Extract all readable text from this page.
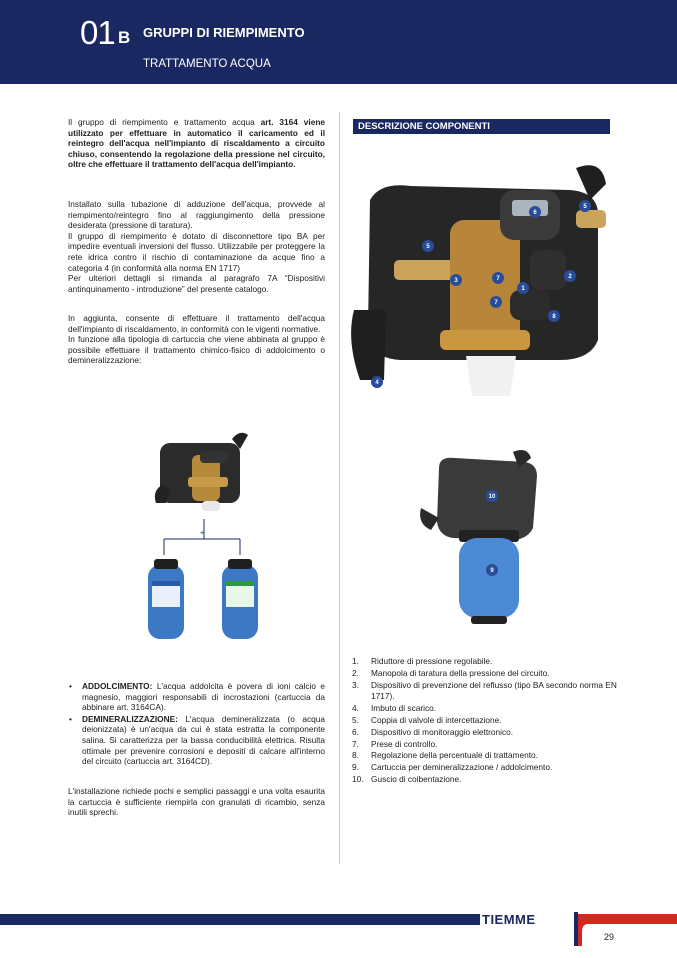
01 B GRUPPI DI RIEMPIMENTO
TRATTAMENTO ACQUA
Il gruppo di riempimento e trattamento acqua art. 3164 viene utilizzato per effettuare in automatico il caricamento ed il reintegro dell'acqua nell'impianto di riscaldamento a circuito chiuso, consentendo la regolazione della pressione nel circuito, oltre che effettuare il trattamento dell'acqua dell'impianto.
Installato sulla tubazione di adduzione dell'acqua, provvede al riempimento/reintegro fino al raggiungimento della pressione desiderata (pressione di taratura).
Il gruppo di riempimento è dotato di disconnettore tipo BA per impedire eventuali inversioni del flusso. Utilizzabile per proteggere la rete idrica contro il rischio di contaminazione da acque fino a categoria 4 (in conformità alla norma EN 1717)
Per ulteriori dettagli si rimanda al paragrafo 7A “Dispositivi antinquinamento - introduzione” del presente catalogo.
In aggiunta, consente di effettuare il trattamento dell'acqua dell'impianto di riscaldamento, in conformità con le vigenti normative.
In funzione alla tipologia di cartuccia che viene abbinata al gruppo è possibile effettuare il trattamento chimico-fisico di addolcimento o demineralizzazione:
+
• ADDOLCIMENTO: L'acqua addolcita è povera di ioni calcio e magnesio, maggiori responsabili di incrostazioni (cartuccia da abbinare art. 3164CA).
• DEMINERALIZZAZIONE: L'acqua demineralizzata (o acqua deionizzata) è un'acqua da cui è stata estratta la componente salina. Si caratterizza per la bassa conducibilità elettrica. Risulta ottimale per prevenire corrosioni e depositi di calcare all'interno del circuito (cartuccia art. 3164CD).
L'installazione richiede pochi e semplici passaggi e una volta esaurita la cartuccia è sufficiente riempirla con granulati di ricambio, senza inutili sprechi.
DESCRIZIONE COMPONENTI
6
5
5
3	7
1
2
7
8
4
10
9
1. Riduttore di pressione regolabile.
2. Manopola di taratura della pressione del circuito.
3. Dispositivo di prevenzione del reflusso (tipo BA secondo norma EN 1717).
4. Imbuto di scarico.
5. Coppia di valvole di intercettazione.
6. Dispositivo di monitoraggio elettronico.
7. Prese di controllo.
8. Regolazione della percentuale di trattamento.
9. Cartuccia per demineralizzazione / addolcimento.
10. Guscio di coibentazione.
TIEMME
29
